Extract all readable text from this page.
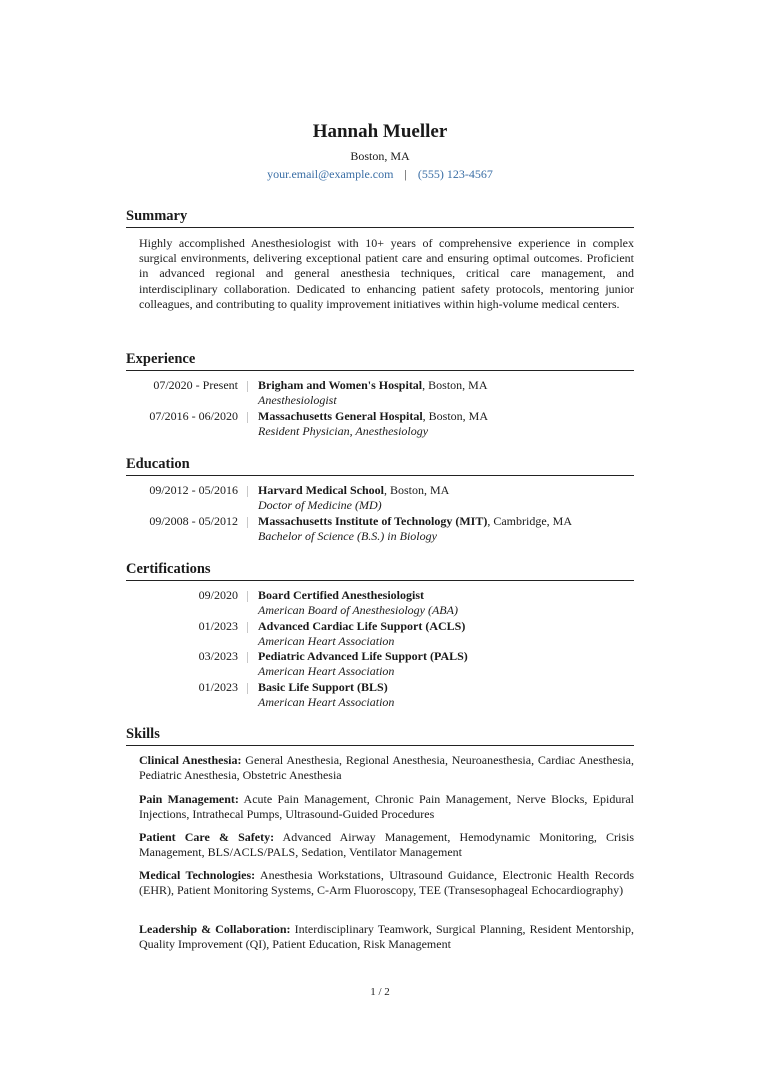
Hannah Mueller
Boston, MA
your.email@example.com | (555) 123-4567
Summary
Highly accomplished Anesthesiologist with 10+ years of comprehensive experience in complex surgical environments, delivering exceptional patient care and ensuring optimal outcomes. Proficient in advanced regional and general anesthesia techniques, critical care management, and interdisciplinary collaboration. Dedicated to enhancing patient safety protocols, mentoring junior colleagues, and contributing to quality improvement initiatives within high-volume medical centers.
Experience
07/2020 - Present Brigham and Women's Hospital, Boston, MA
Anesthesiologist
07/2016 - 06/2020 Massachusetts General Hospital, Boston, MA
Resident Physician, Anesthesiology
Education
09/2012 - 05/2016 Harvard Medical School, Boston, MA
Doctor of Medicine (MD)
09/2008 - 05/2012 Massachusetts Institute of Technology (MIT), Cambridge, MA
Bachelor of Science (B.S.) in Biology
Certifications
09/2020 Board Certified Anesthesiologist
American Board of Anesthesiology (ABA)
01/2023 Advanced Cardiac Life Support (ACLS)
American Heart Association
03/2023 Pediatric Advanced Life Support (PALS)
American Heart Association
01/2023 Basic Life Support (BLS)
American Heart Association
Skills
Clinical Anesthesia: General Anesthesia, Regional Anesthesia, Neuroanesthesia, Cardiac Anesthesia, Pediatric Anesthesia, Obstetric Anesthesia
Pain Management: Acute Pain Management, Chronic Pain Management, Nerve Blocks, Epidural Injections, Intrathecal Pumps, Ultrasound-Guided Procedures
Patient Care & Safety: Advanced Airway Management, Hemodynamic Monitoring, Crisis Management, BLS/ACLS/PALS, Sedation, Ventilator Management
Medical Technologies: Anesthesia Workstations, Ultrasound Guidance, Electronic Health Records (EHR), Patient Monitoring Systems, C-Arm Fluoroscopy, TEE (Transesophageal Echocardiography)
Leadership & Collaboration: Interdisciplinary Teamwork, Surgical Planning, Resident Mentorship, Quality Improvement (QI), Patient Education, Risk Management
1 / 2
